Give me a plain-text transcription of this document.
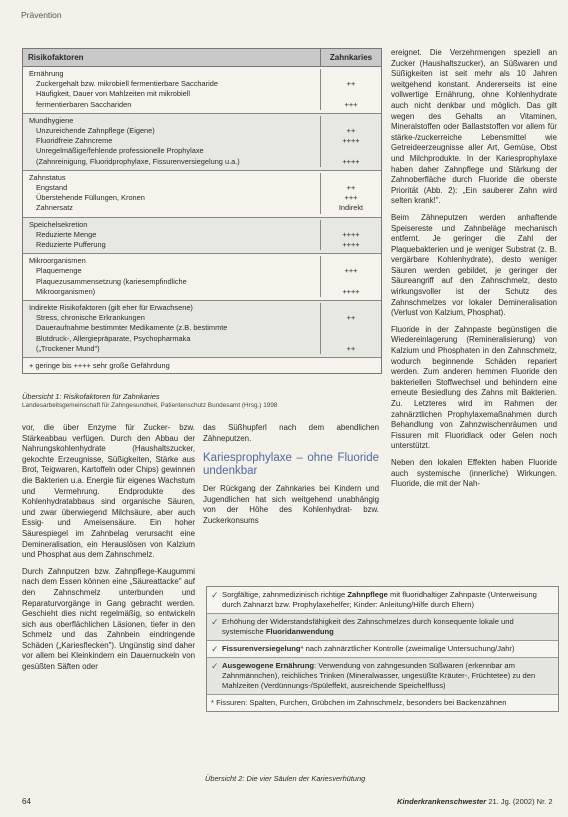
Prävention
Risikofaktoren	Zahnkaries
Ernährung
Zuckergehalt bzw. mikrobiell fermentierbare Saccharide	++
Häufigkeit, Dauer von Mahlzeiten mit mikrobiell
fermentierbaren Sacchariden	+++
Mundhygiene
Unzureichende Zahnpflege (Eigene)	++
Fluoridfreie Zahncreme	++++
Unregelmäßige/fehlende professionelle Prophylaxe
(Zahnreinigung, Fluoridprophylaxe, Fissurenversiegelung u.a.)	++++
Zahnstatus
Engstand	++
Überstehende Füllungen, Kronen	+++
Zahnersatz	Indirekt
Speichelsekretion
Reduzierte Menge	++++
Reduzierte Pufferung	++++
Mikroorganismen
Plaquemenge	+++
Plaquezusammensetzung (kariesempfindliche
Mikroorganismen)	++++
Indirekte Risikofaktoren (gilt eher für Erwachsene)
Stress, chronische Erkrankungen	++
Daueraufnahme bestimmter Medikamente (z.B. bestimmte
Blutdruck-, Allergiepräparate, Psychopharmaka
(„Trockener Mund")	++
+ geringe bis ++++ sehr große Gefährdung
Übersicht 1: Risikofaktoren für Zahnkaries
Landesarbeitsgemeinschaft für Zahngesundheit, Patientenschutz Bundesamt (Hrsg.) 1998

vor, die über Enzyme für Zucker- bzw. Stärkeabbau verfügen. Durch den Abbau der Nahrungskohlenhydrate (Haushaltszucker, gekochte Erzeugnisse, Süßigkeiten, Stärke aus Brot, Teigwaren, Kartoffeln oder Chips) gewinnen die Bakterien u.a. Energie für eigenes Wachstum und Vermehrung. Endprodukte des Kohlenhydratabbaus sind organische Säuren, und zwar überwiegend Milchsäure, aber auch Essig- und Ameisensäure. Ein hoher Säurespiegel im Zahnbelag verursacht eine Demineralisation, ein Herauslösen von Kalzium und Phosphat aus dem Zahnschmelz.

Durch Zahnputzen bzw. Zahnpflege-Kaugummi nach dem Essen können eine „Säureattacke" auf den Zahnschmelz unterbunden und Reparaturvorgänge in Gang gebracht werden. Geschieht dies nicht regelmäßig, so entwickeln sich aus oberflächlichen Läsionen, tiefer in den Schmelz und das Zahnbein eindringende Schäden („Kariesflecken"). Ungünstig sind daher vor allem bei Kleinkindern ein Dauernuckeln von gesüßten Säften oder

das Süßhupferl nach dem abendlichen Zähneputzen.

Kariesprophylaxe – ohne Fluoride undenkbar

Der Rückgang der Zahnkaries bei Kindern und Jugendlichen hat sich weitgehend unabhängig von der Höhe des Kohlenhydrat- bzw. Zuckerkonsums

ereignet. Die Verzehrmengen speziell an Zucker (Haushaltszucker), an Süßwaren und Süßigkeiten ist seit mehr als 10 Jahren weitgehend konstant. Andererseits ist eine vollwertige Ernährung, ohne Kohlenhydrate auch nicht denkbar und möglich. Das gilt wegen des Gehalts an Vitaminen, Mineralstoffen oder Ballaststoffen vor allem für stärke-/zuckerreiche Lebensmittel wie Getreideerzeugnisse aller Art, Gemüse, Obst und Milchprodukte. In der Kariesprophylaxe haben daher Zahnpflege und Stärkung der Zahnoberfläche durch Fluoride die oberste Priorität (Abb. 2): „Ein sauberer Zahn wird selten krank!".

Beim Zähneputzen werden anhaftende Speisereste und Zahnbeläge mechanisch entfernt. Je geringer die Zahl der Plaquebakterien und je weniger Substrat (z. B. vergärbare Kohlenhydrate), desto weniger Säuren werden gebildet, je geringer der Säureangriff auf den Zahnschmelz, desto wirkungsvoller ist der Schutz des Zahnschmelzes vor lokaler Demineralisation (Verlust von Kalzium, Phosphat).

Fluoride in der Zahnpaste begünstigen die Wiedereinlagerung (Remineralisierung) von Kalzium und Phosphaten in den Zahnschmelz, wodurch beginnende Schäden repariert werden. Zum anderen hemmen Fluoride den bakteriellen Stoffwechsel und behindern eine erneute Besiedlung des Zahns mit Bakterien. Zu. Letzteres wird im Rahmen der zahnärztlichen Prophylaxemaßnahmen durch Behandlung von Zahnzwischenräumen und Fissuren mit Fluoridlack oder Gelen noch unterstützt.

Neben den lokalen Effekten haben Fluoride auch systemische (innerliche) Wirkungen. Fluoride, die mit der Nah-

✓ Sorgfältige, zahnmedizinisch richtige Zahnpflege mit fluoridhaltiger Zahnpaste (Unterweisung durch Zahnarzt bzw. Prophylaxehelfer; Kinder: Anleitung/Hilfe durch Eltern)
✓ Erhöhung der Widerstandsfähigkeit des Zahnschmelzes durch konsequente lokale und systemische Fluoridanwendung
✓ Fissurenversiegelung* nach zahnärztlicher Kontrolle (zweimalige Untersuchung/Jahr)
✓ Ausgewogene Ernährung: Verwendung von zahngesunden Süßwaren (erkennbar am Zahnmännchen), reichliches Trinken (Mineralwasser, ungesüßte Kräuter-, Früchtetee) zu den Mahlzeiten (Verdünnungs-/Spüleffekt, ausreichende Speichelfluss)
* Fissuren: Spalten, Furchen, Grübchen im Zahnschmelz, besonders bei Backenzähnen
Übersicht 2: Die vier Säulen der Kariesverhütung
64	Kinderkrankenschwester 21. Jg. (2002) Nr. 2
